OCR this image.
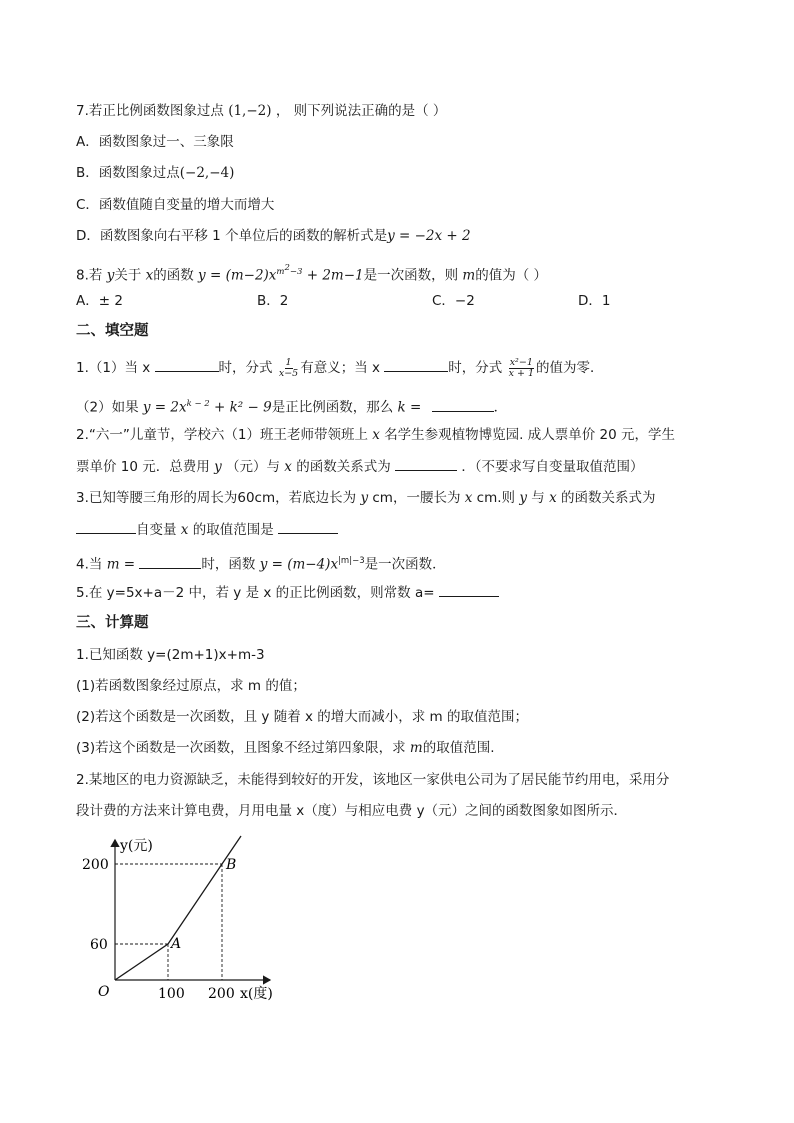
7.若正比例函数图象过点 (1,−2) ， 则下列说法正确的是（ ）
A．函数图象过一、三象限
B．函数图象过点(−2,−4)
C．函数值随自变量的增大而增大
D．函数图象向右平移 1 个单位后的函数的解析式是y = −2x + 2
8.若 y关于 x的函数 $y = (m-2)x^{m^2-3} + 2m-1$是一次函数，则 m的值为（ ）
A．± 2	B．2	C．−2	D．1
二、填空题
1.（1）当 x	时，分式 $\frac{1}{x-5}$ 有意义；当 x	时，分式 $\frac{\text{x²−1}}{x + 1}$ 的值为零．
（2）如果 $y = 2x^{k - 2} + k^2 - 9$是正比例函数，那么 k =	．
2.“六一”儿童节，学校六（1）班王老师带领班上 x 名学生参观植物博览园. 成人票单价 20 元，学生
票单价 10 元．总费用 y （元）与 x 的函数关系式为	．（不要求写自变量取值范围）
3.已知等腰三角形的周长为60cm，若底边长为 y cm，一腰长为 x cm.则 y 与 x 的函数关系式为
自变量 x 的取值范围是
4.当 m =	时，函数 $y = (m-4)x^{|m|-3}$是一次函数．
5.在 y=5x+a－2 中，若 y 是 x 的正比例函数，则常数 a=
三、计算题
1.已知函数 y=(2m+1)x+m-3
(1)若函数图象经过原点，求 m 的值；
(2)若这个函数是一次函数，且 y 随着 x 的增大而减小，求 m 的取值范围；
(3)若这个函数是一次函数，且图象不经过第四象限，求 m的取值范围.
2.某地区的电力资源缺乏，未能得到较好的开发，该地区一家供电公司为了居民能节约用电，采用分
段计费的方法来计算电费，月用电量 x（度）与相应电费 y（元）之间的函数图象如图所示．
y(元)
x(度)
O
60
200
100 200
A
B
